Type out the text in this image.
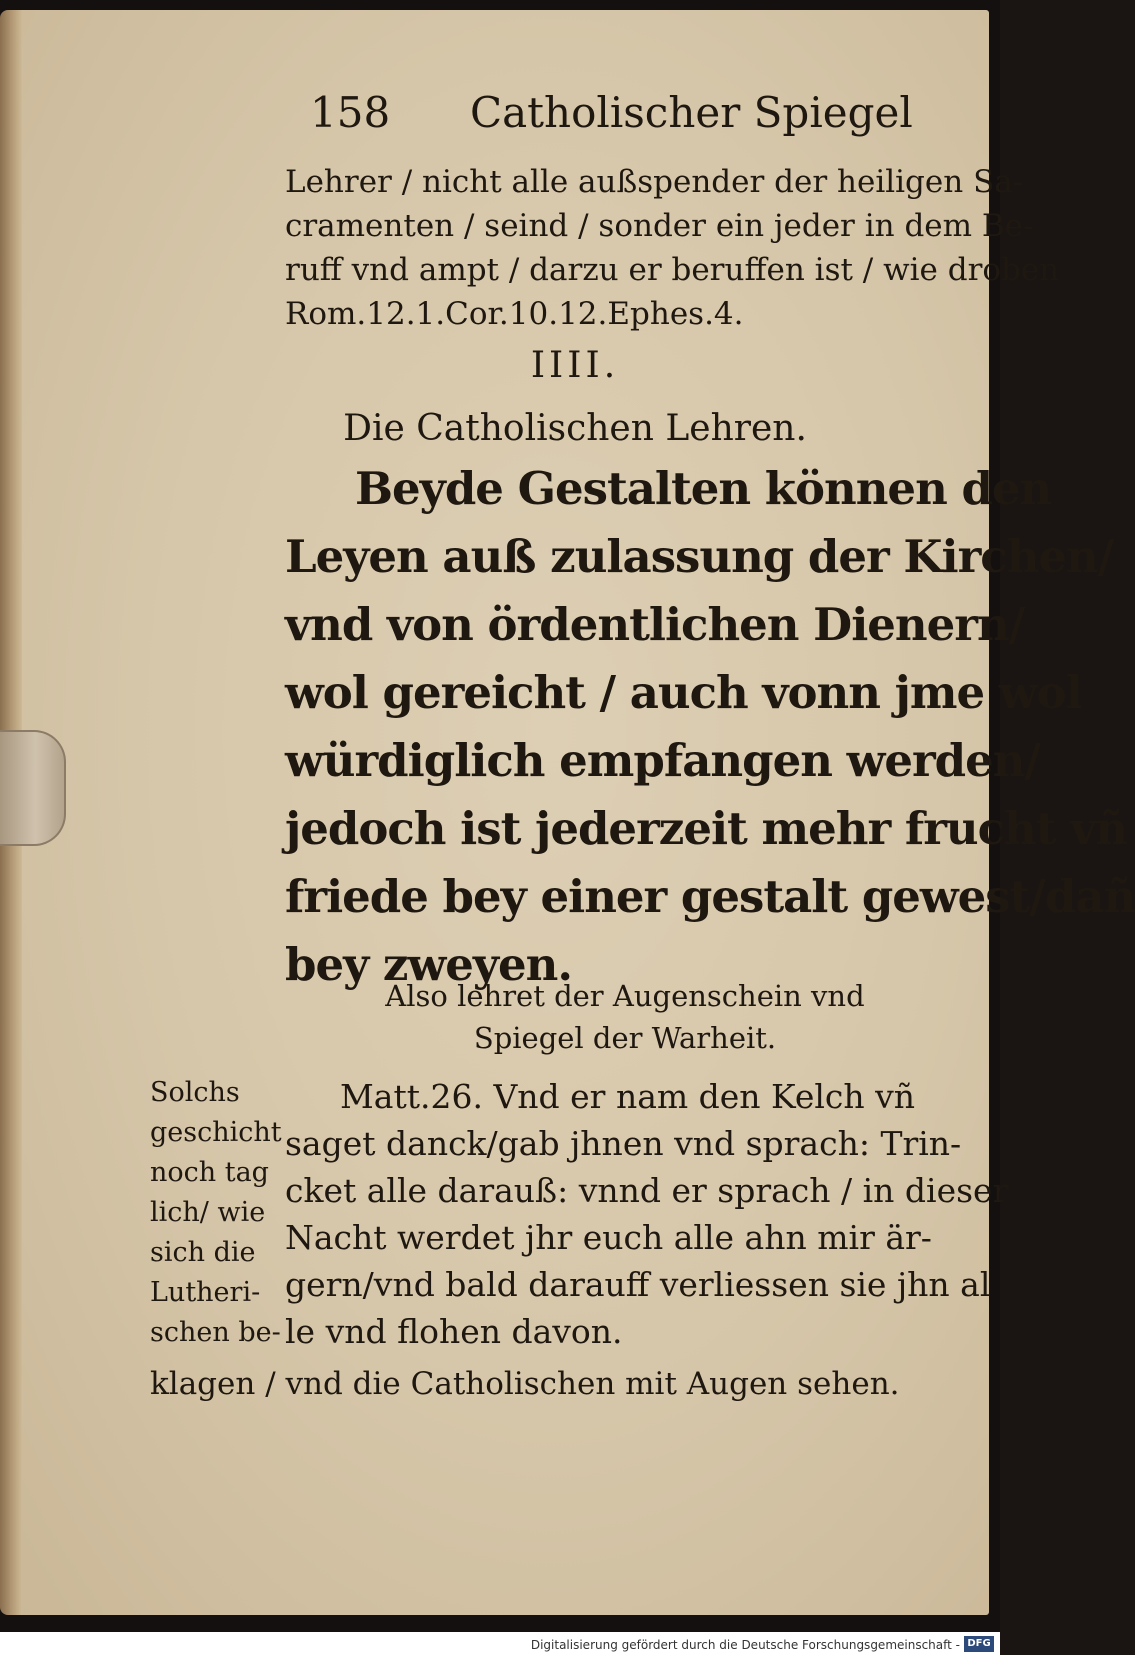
158 Catholischer Spiegel
Lehrer / nicht alle außspender der heiligen Sa-
cramenten / seind / sonder ein jeder in dem Be-
ruff vnd ampt / darzu er beruffen ist / wie droben
Rom.12.1.Cor.10.12.Ephes.4.
IIII.
Die Catholischen Lehren.
Beyde Gestalten können den
Leyen auß zulassung der Kirchen/
vnd von ördentlichen Dienern/
wol gereicht / auch vonn jme wol
würdiglich empfangen werden/
jedoch ist jederzeit mehr frucht vñ
friede bey einer gestalt gewest/dañ
bey zweyen.
Also lehret der Augenschein vnd
Spiegel der Warheit.
Solchs
geschicht
noch tag
lich/ wie
sich die
Lutheri-
schen be-
Matt.26. Vnd er nam den Kelch vñ
saget danck/gab jhnen vnd sprach: Trin-
cket alle darauß: vnnd er sprach / in dieser
Nacht werdet jhr euch alle ahn mir är-
gern/vnd bald darauff verliessen sie jhn al
le vnd flohen davon.
klagen / vnd die Catholischen mit Augen sehen.
Digitalisierung gefördert durch die Deutsche Forschungsgemeinschaft - DFG
